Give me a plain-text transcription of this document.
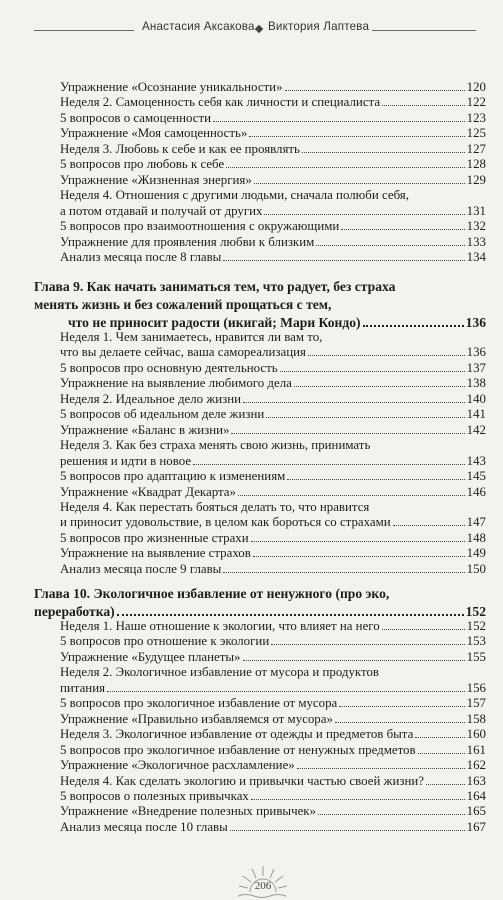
Анастасия Аксакова Виктория Лаптева
Упражнение «Осознание уникальности»	120
Неделя 2. Самоценность себя как личности и специалиста	122
5 вопросов о самоценности	123
Упражнение «Моя самоценность»	125
Неделя 3. Любовь к себе и как ее проявлять	127
5 вопросов про любовь к себе	128
Упражнение «Жизненная энергия»	129
Неделя 4. Отношения с другими людьми, сначала полюби себя,
а потом отдавай и получай от других	131
5 вопросов про взаимоотношения с окружающими	132
Упражнение для проявления любви к близким	133
Анализ месяца после 8 главы	134
Глава 9. Как начать заниматься тем, что радует, без страха
менять жизнь и без сожалений прощаться с тем,
что не приносит радости (икигай; Мари Кондо)	136
Неделя 1. Чем занимаетесь, нравится ли вам то,
что вы делаете сейчас, ваша самореализация	136
5 вопросов про основную деятельность	137
Упражнение на выявление любимого дела	138
Неделя 2. Идеальное дело жизни	140
5 вопросов об идеальном деле жизни	141
Упражнение «Баланс в жизни»	142
Неделя 3. Как без страха менять свою жизнь, принимать
решения и идти в новое	143
5 вопросов про адаптацию к изменениям	145
Упражнение «Квадрат Декарта»	146
Неделя 4. Как перестать бояться делать то, что нравится
и приносит удовольствие, в целом как бороться со страхами	147
5 вопросов про жизненные страхи	148
Упражнение на выявление страхов	149
Анализ месяца после 9 главы	150
Глава 10. Экологичное избавление от ненужного (про эко,
переработка)	152
Неделя 1. Наше отношение к экологии, что влияет на него	152
5 вопросов про отношение к экологии	153
Упражнение «Будущее планеты»	155
Неделя 2. Экологичное избавление от мусора и продуктов
питания	156
5 вопросов про экологичное избавление от мусора	157
Упражнение «Правильно избавляемся от мусора»	158
Неделя 3. Экологичное избавление от одежды и предметов быта	160
5 вопросов про экологичное избавление от ненужных предметов	161
Упражнение «Экологичное расхламление»	162
Неделя 4. Как сделать экологию и привычки частью своей жизни?	163
5 вопросов о полезных привычках	164
Упражнение «Внедрение полезных привычек»	165
Анализ месяца после 10 главы	167
206
